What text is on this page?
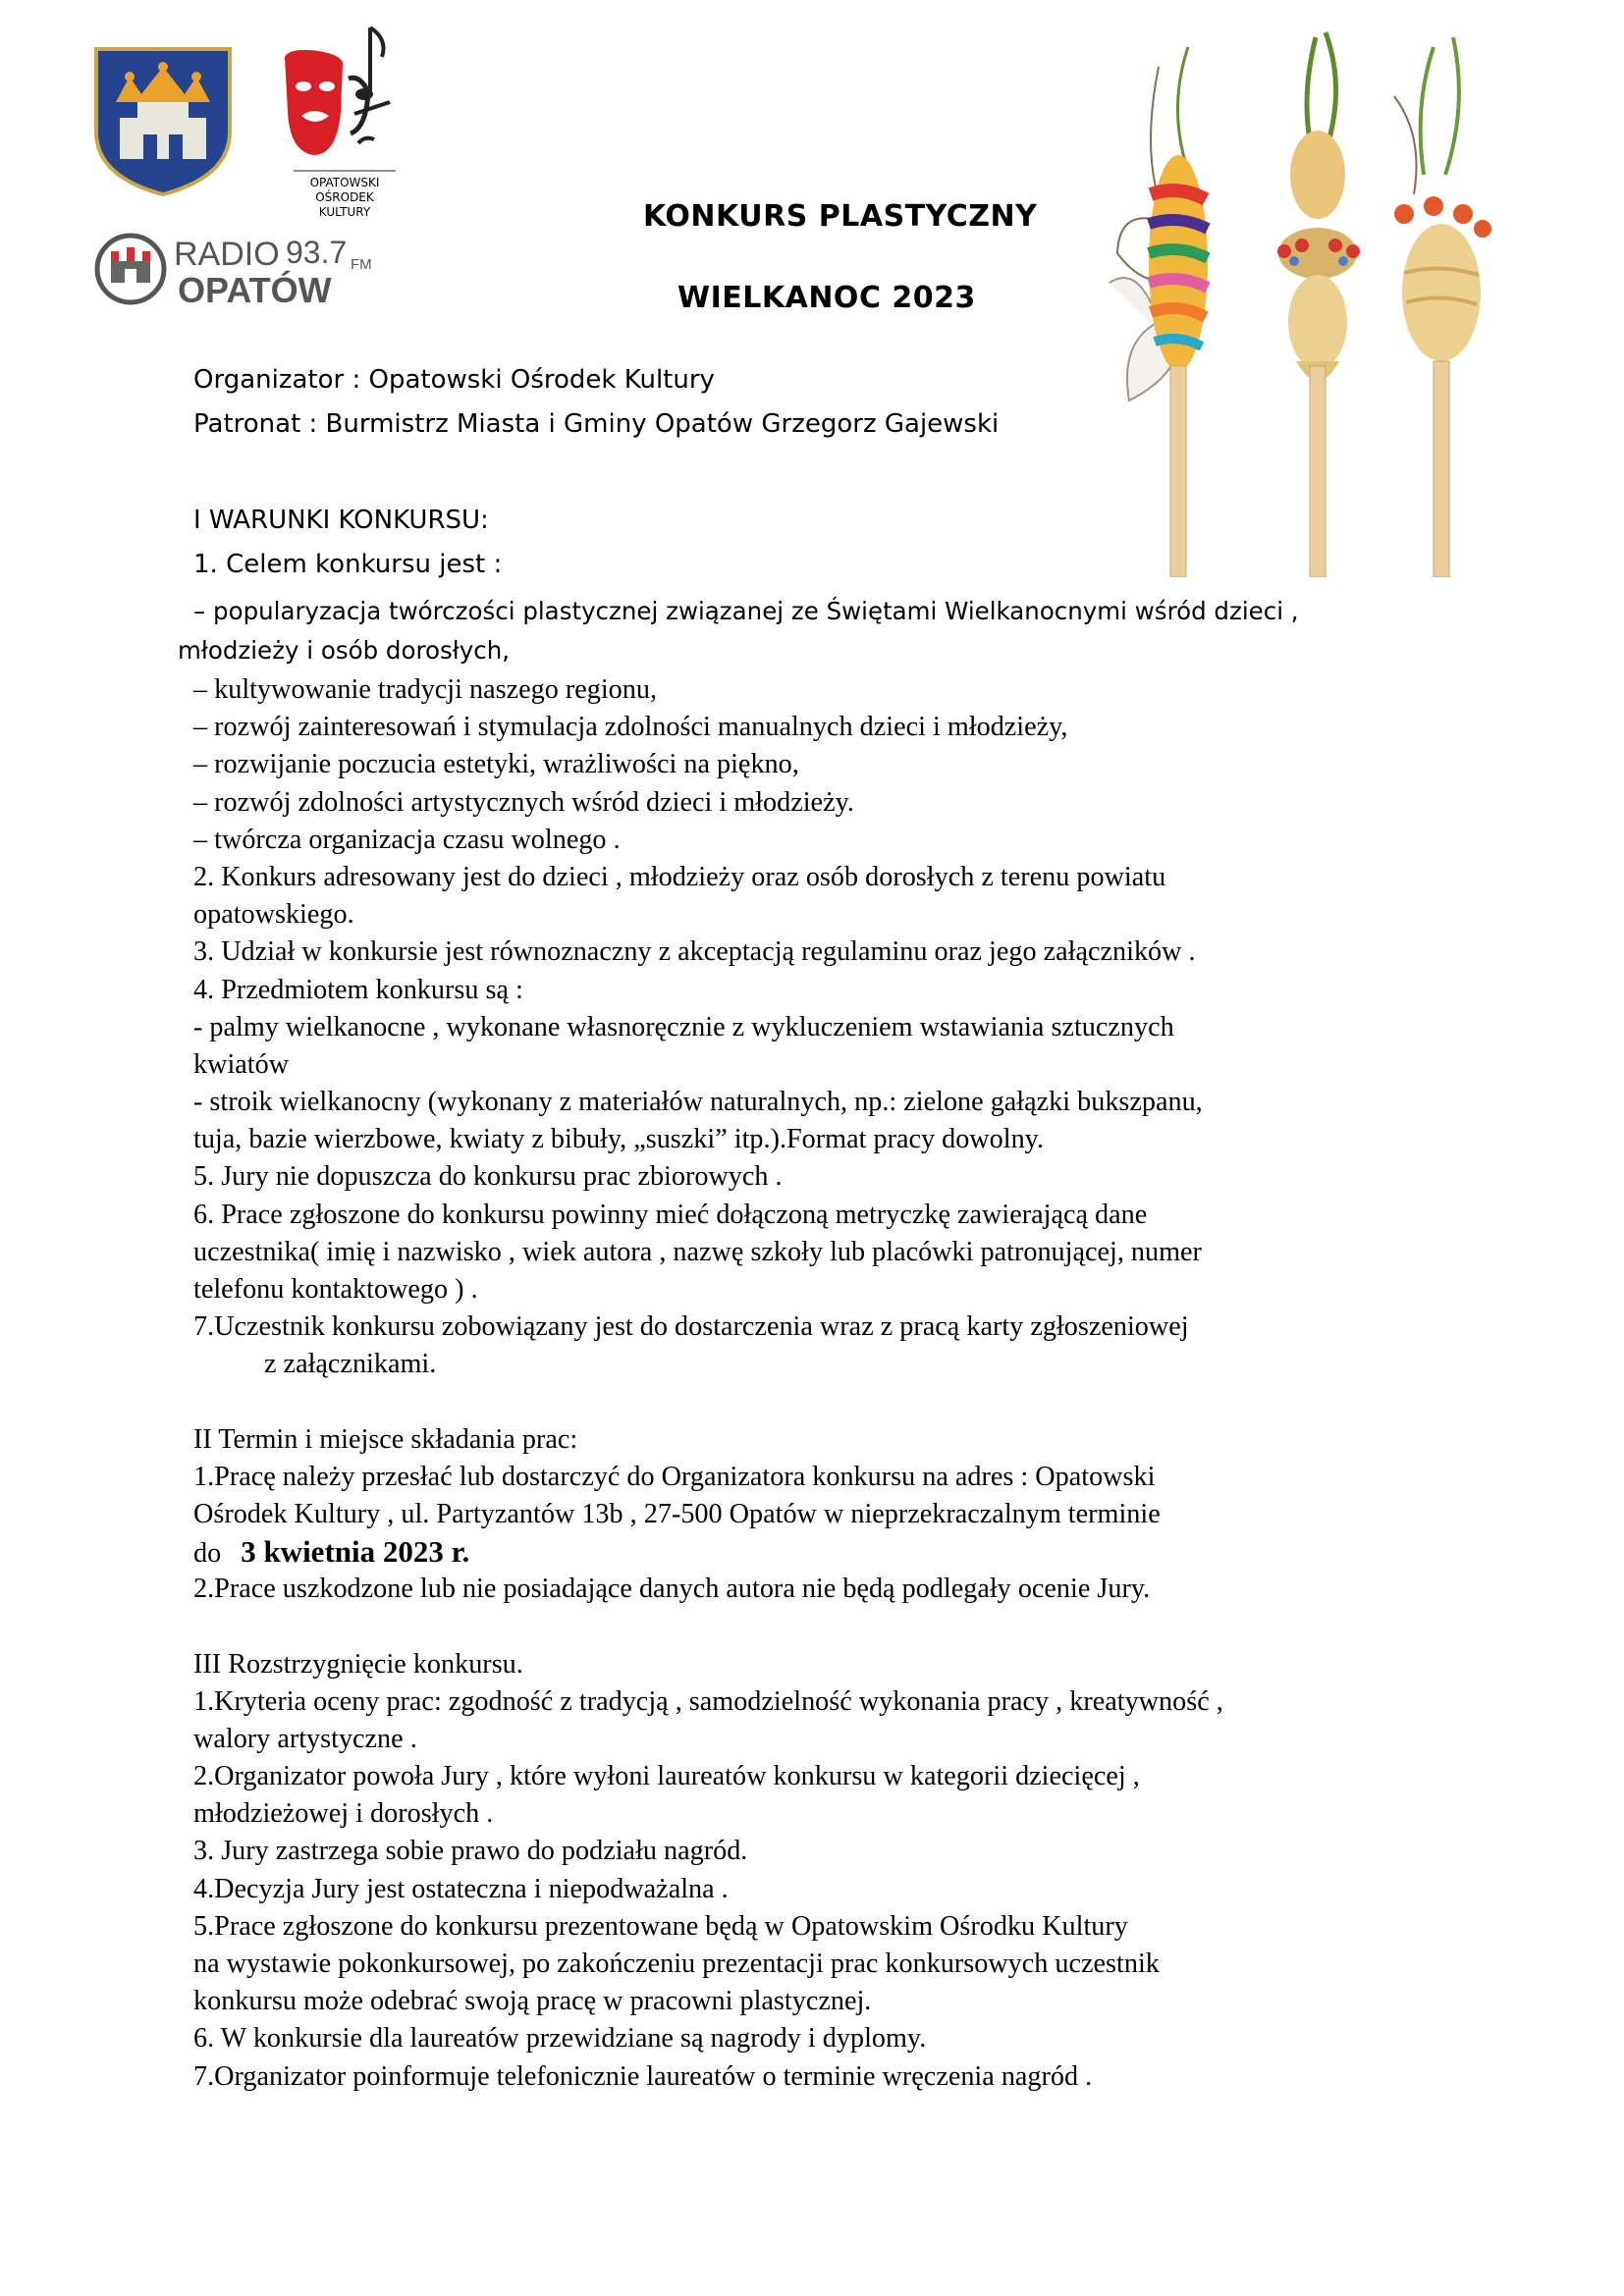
OPATOWSKI
OŚRODEK
KULTURY
RADIO 93.7 FM
OPATÓW
KONKURS PLASTYCZNY
WIELKANOC 2023
Organizator : Opatowski Ośrodek Kultury
Patronat : Burmistrz Miasta i Gminy Opatów Grzegorz Gajewski
I WARUNKI KONKURSU:
1. Celem konkursu jest :
– popularyzacja twórczości plastycznej związanej ze Świętami Wielkanocnymi wśród dzieci ,
młodzieży i osób dorosłych,
– kultywowanie tradycji naszego regionu,
– rozwój zainteresowań i stymulacja zdolności manualnych dzieci i młodzieży,
– rozwijanie poczucia estetyki, wrażliwości na piękno,
– rozwój zdolności artystycznych wśród dzieci i młodzieży.
– twórcza organizacja czasu wolnego .
2. Konkurs adresowany jest do dzieci , młodzieży oraz osób dorosłych z terenu powiatu
opatowskiego.
3. Udział w konkursie jest równoznaczny z akceptacją regulaminu oraz jego załączników .
4. Przedmiotem konkursu są :
- palmy wielkanocne , wykonane własnoręcznie z wykluczeniem wstawiania sztucznych
kwiatów
- stroik wielkanocny (wykonany z materiałów naturalnych, np.: zielone gałązki bukszpanu,
tuja, bazie wierzbowe, kwiaty z bibuły, „suszki” itp.).Format pracy dowolny.
5. Jury nie dopuszcza do konkursu prac zbiorowych .
6. Prace zgłoszone do konkursu powinny mieć dołączoną metryczkę zawierającą dane
uczestnika( imię i nazwisko , wiek autora , nazwę szkoły lub placówki patronującej, numer
telefonu kontaktowego ) .
7.Uczestnik konkursu zobowiązany jest do dostarczenia wraz z pracą karty zgłoszeniowej
z załącznikami.
II Termin i miejsce składania prac:
1.Pracę należy przesłać lub dostarczyć do Organizatora konkursu na adres : Opatowski
Ośrodek Kultury , ul. Partyzantów 13b , 27-500 Opatów w nieprzekraczalnym terminie
do 3 kwietnia 2023 r.
2.Prace uszkodzone lub nie posiadające danych autora nie będą podlegały ocenie Jury.
III Rozstrzygnięcie konkursu.
1.Kryteria oceny prac: zgodność z tradycją , samodzielność wykonania pracy , kreatywność ,
walory artystyczne .
2.Organizator powoła Jury , które wyłoni laureatów konkursu w kategorii dziecięcej ,
młodzieżowej i dorosłych .
3. Jury zastrzega sobie prawo do podziału nagród.
4.Decyzja Jury jest ostateczna i niepodważalna .
5.Prace zgłoszone do konkursu prezentowane będą w Opatowskim Ośrodku Kultury
na wystawie pokonkursowej, po zakończeniu prezentacji prac konkursowych uczestnik
konkursu może odebrać swoją pracę w pracowni plastycznej.
6. W konkursie dla laureatów przewidziane są nagrody i dyplomy.
7.Organizator poinformuje telefonicznie laureatów o terminie wręczenia nagród .
